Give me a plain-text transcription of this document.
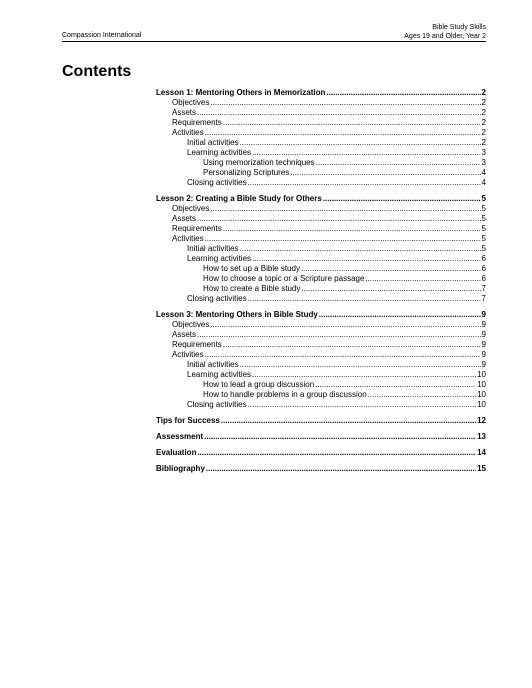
Compassion International
Bible Study Skills
Ages 19 and Older, Year 2
Contents
Lesson 1: Mentoring Others in Memorization .....	2
Objectives .....	2
Assets .....	2
Requirements .....	2
Activities .....	2
Initial activities .....	2
Learning activities .....	3
Using memorization techniques .....	3
Personalizing Scriptures .....	4
Closing activities .....	4
Lesson 2: Creating a Bible Study for Others .....	5
Objectives .....	5
Assets .....	5
Requirements .....	5
Activities .....	5
Initial activities .....	5
Learning activities .....	6
How to set up a Bible study .....	6
How to choose a topic or a Scripture passage .....	6
How to create a Bible study .....	7
Closing activities .....	7
Lesson 3: Mentoring Others in Bible Study .....	9
Objectives .....	9
Assets .....	9
Requirements .....	9
Activities .....	9
Initial activities .....	9
Learning activities .....	10
How to lead a group discussion .....	10
How to handle problems in a group discussion .....	10
Closing activities .....	10
Tips for Success .....	12
Assessment .....	13
Evaluation .....	14
Bibliography .....	15
